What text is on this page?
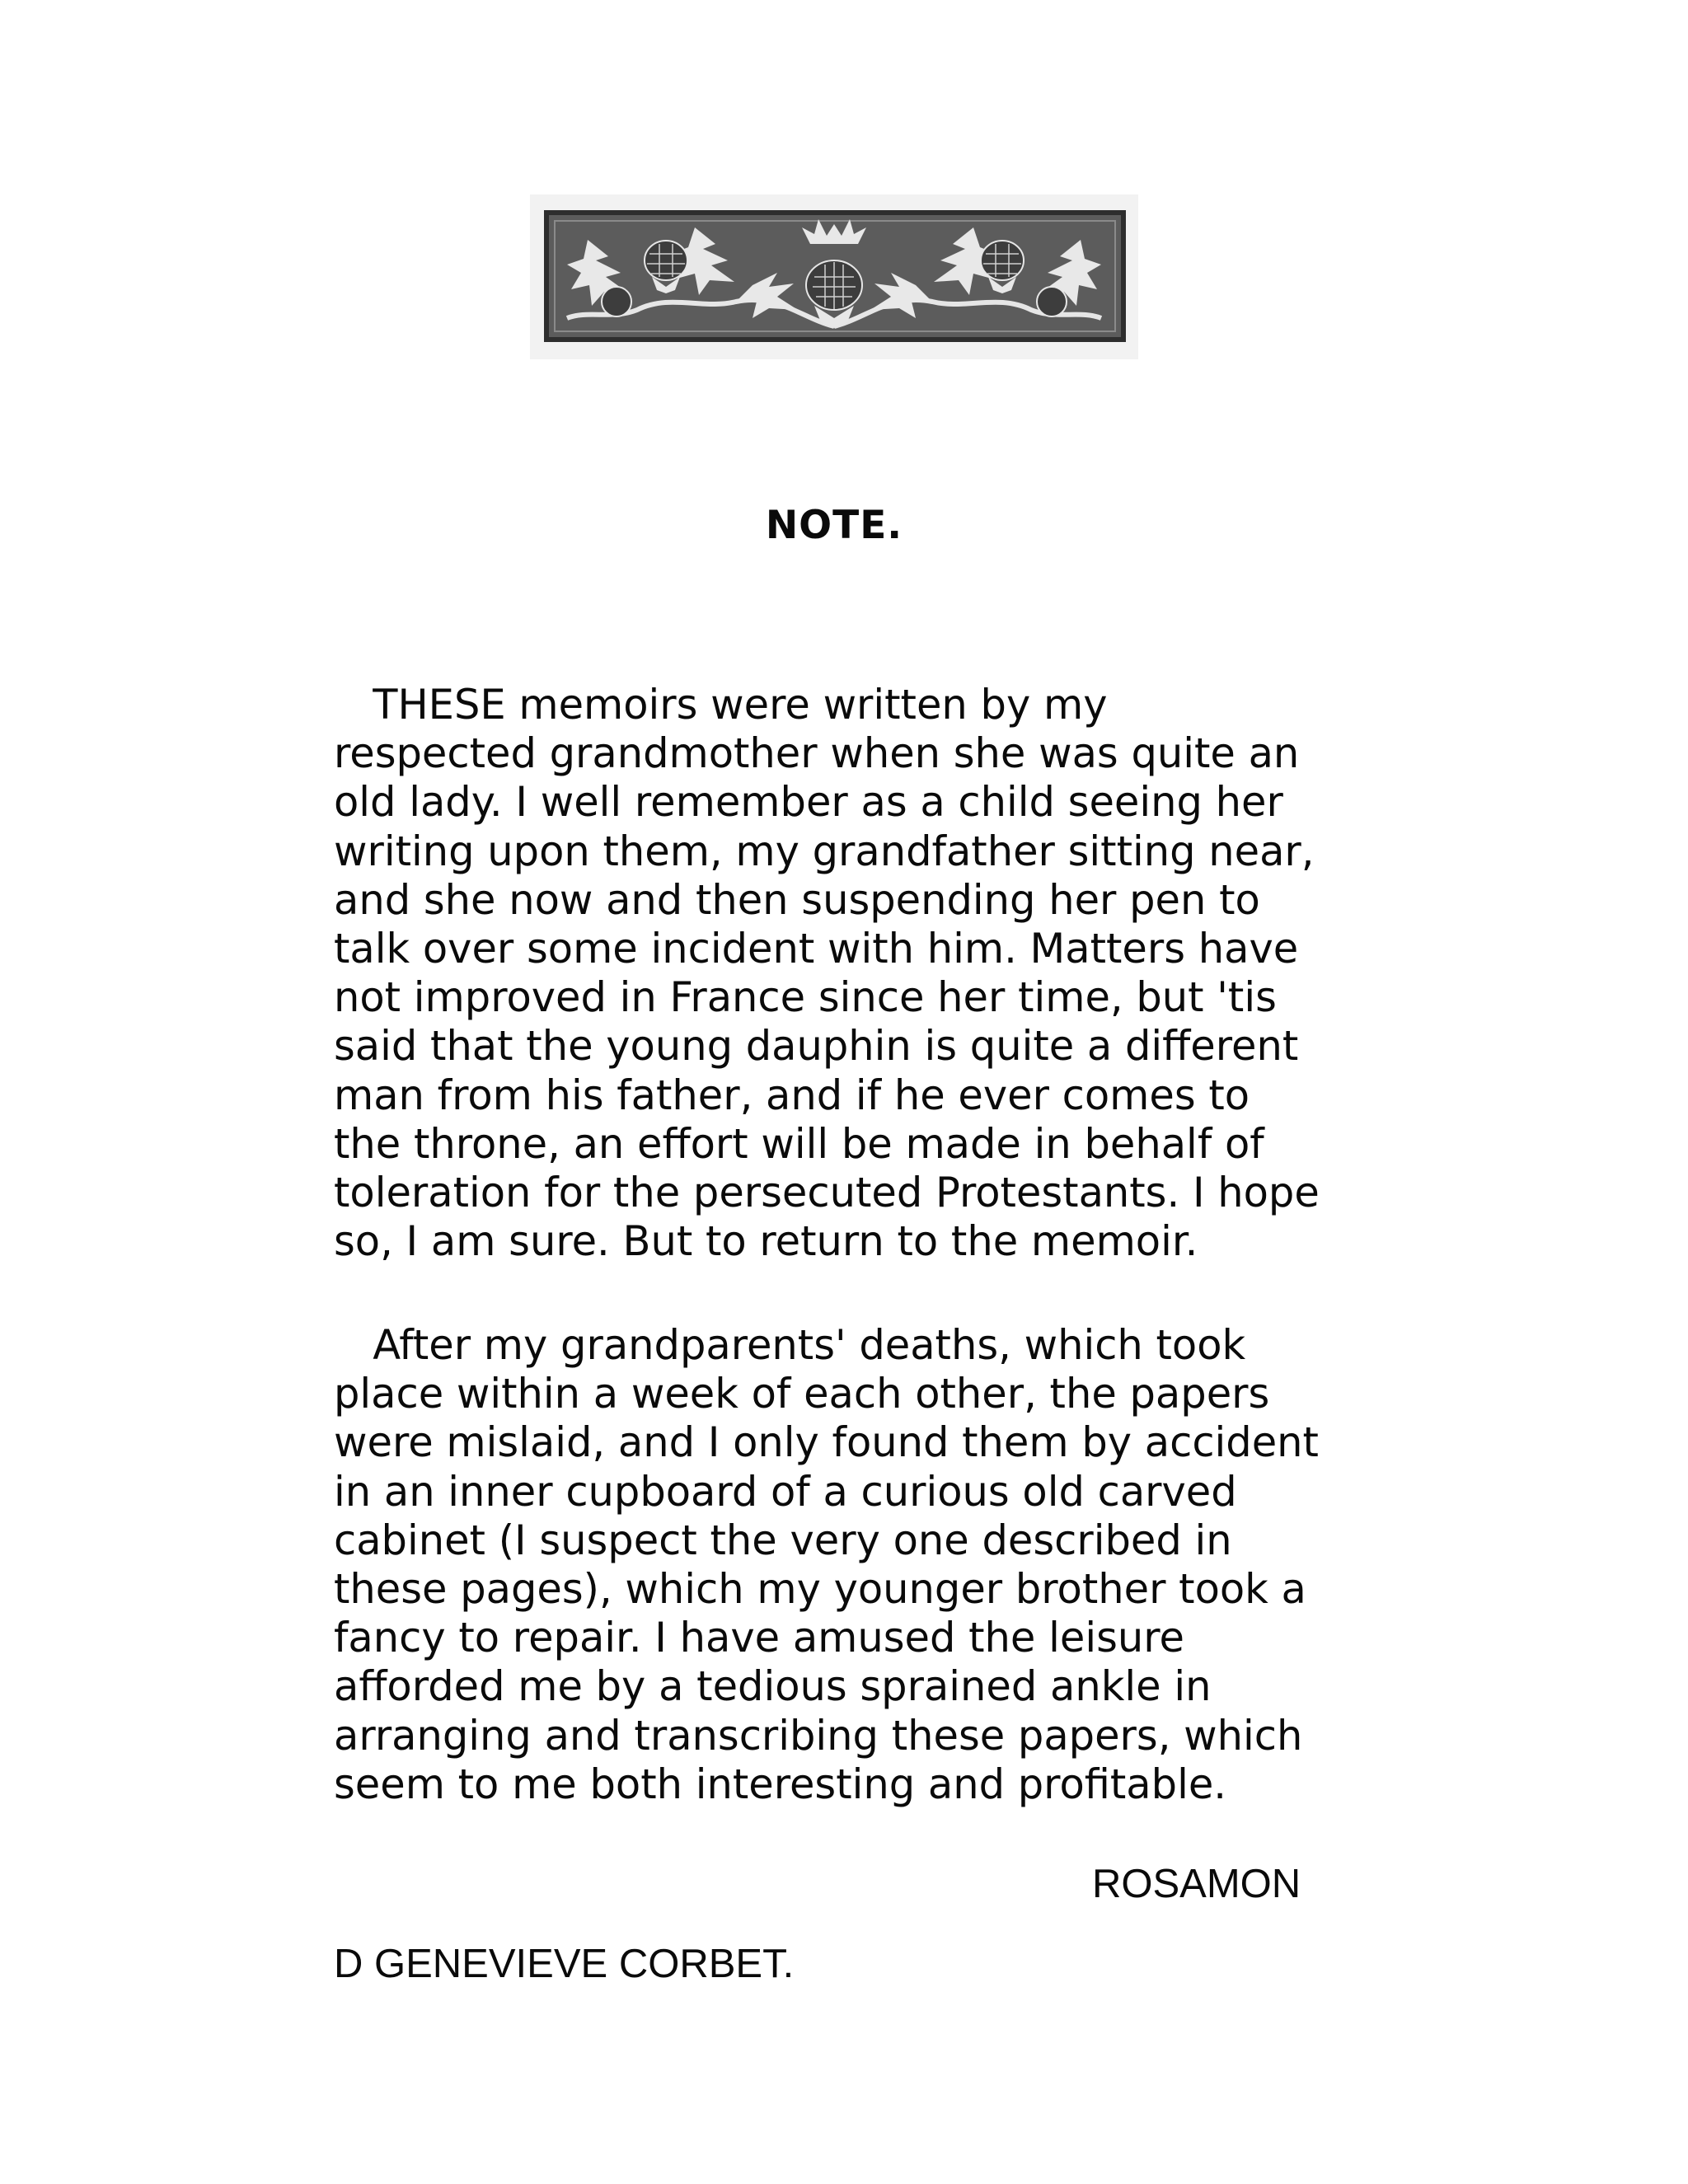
NOTE.
THESE memoirs were written by my
respected grandmother when she was quite an
old lady. I well remember as a child seeing her
writing upon them, my grandfather sitting near,
and she now and then suspending her pen to
talk over some incident with him. Matters have
not improved in France since her time, but 'tis
said that the young dauphin is quite a different
man from his father, and if he ever comes to
the throne, an effort will be made in behalf of
toleration for the persecuted Protestants. I hope
so, I am sure. But to return to the memoir.
After my grandparents' deaths, which took
place within a week of each other, the papers
were mislaid, and I only found them by accident
in an inner cupboard of a curious old carved
cabinet (I suspect the very one described in
these pages), which my younger brother took a
fancy to repair. I have amused the leisure
afforded me by a tedious sprained ankle in
arranging and transcribing these papers, which
seem to me both interesting and profitable.
ROSAMON
D GENEVIEVE CORBET.
